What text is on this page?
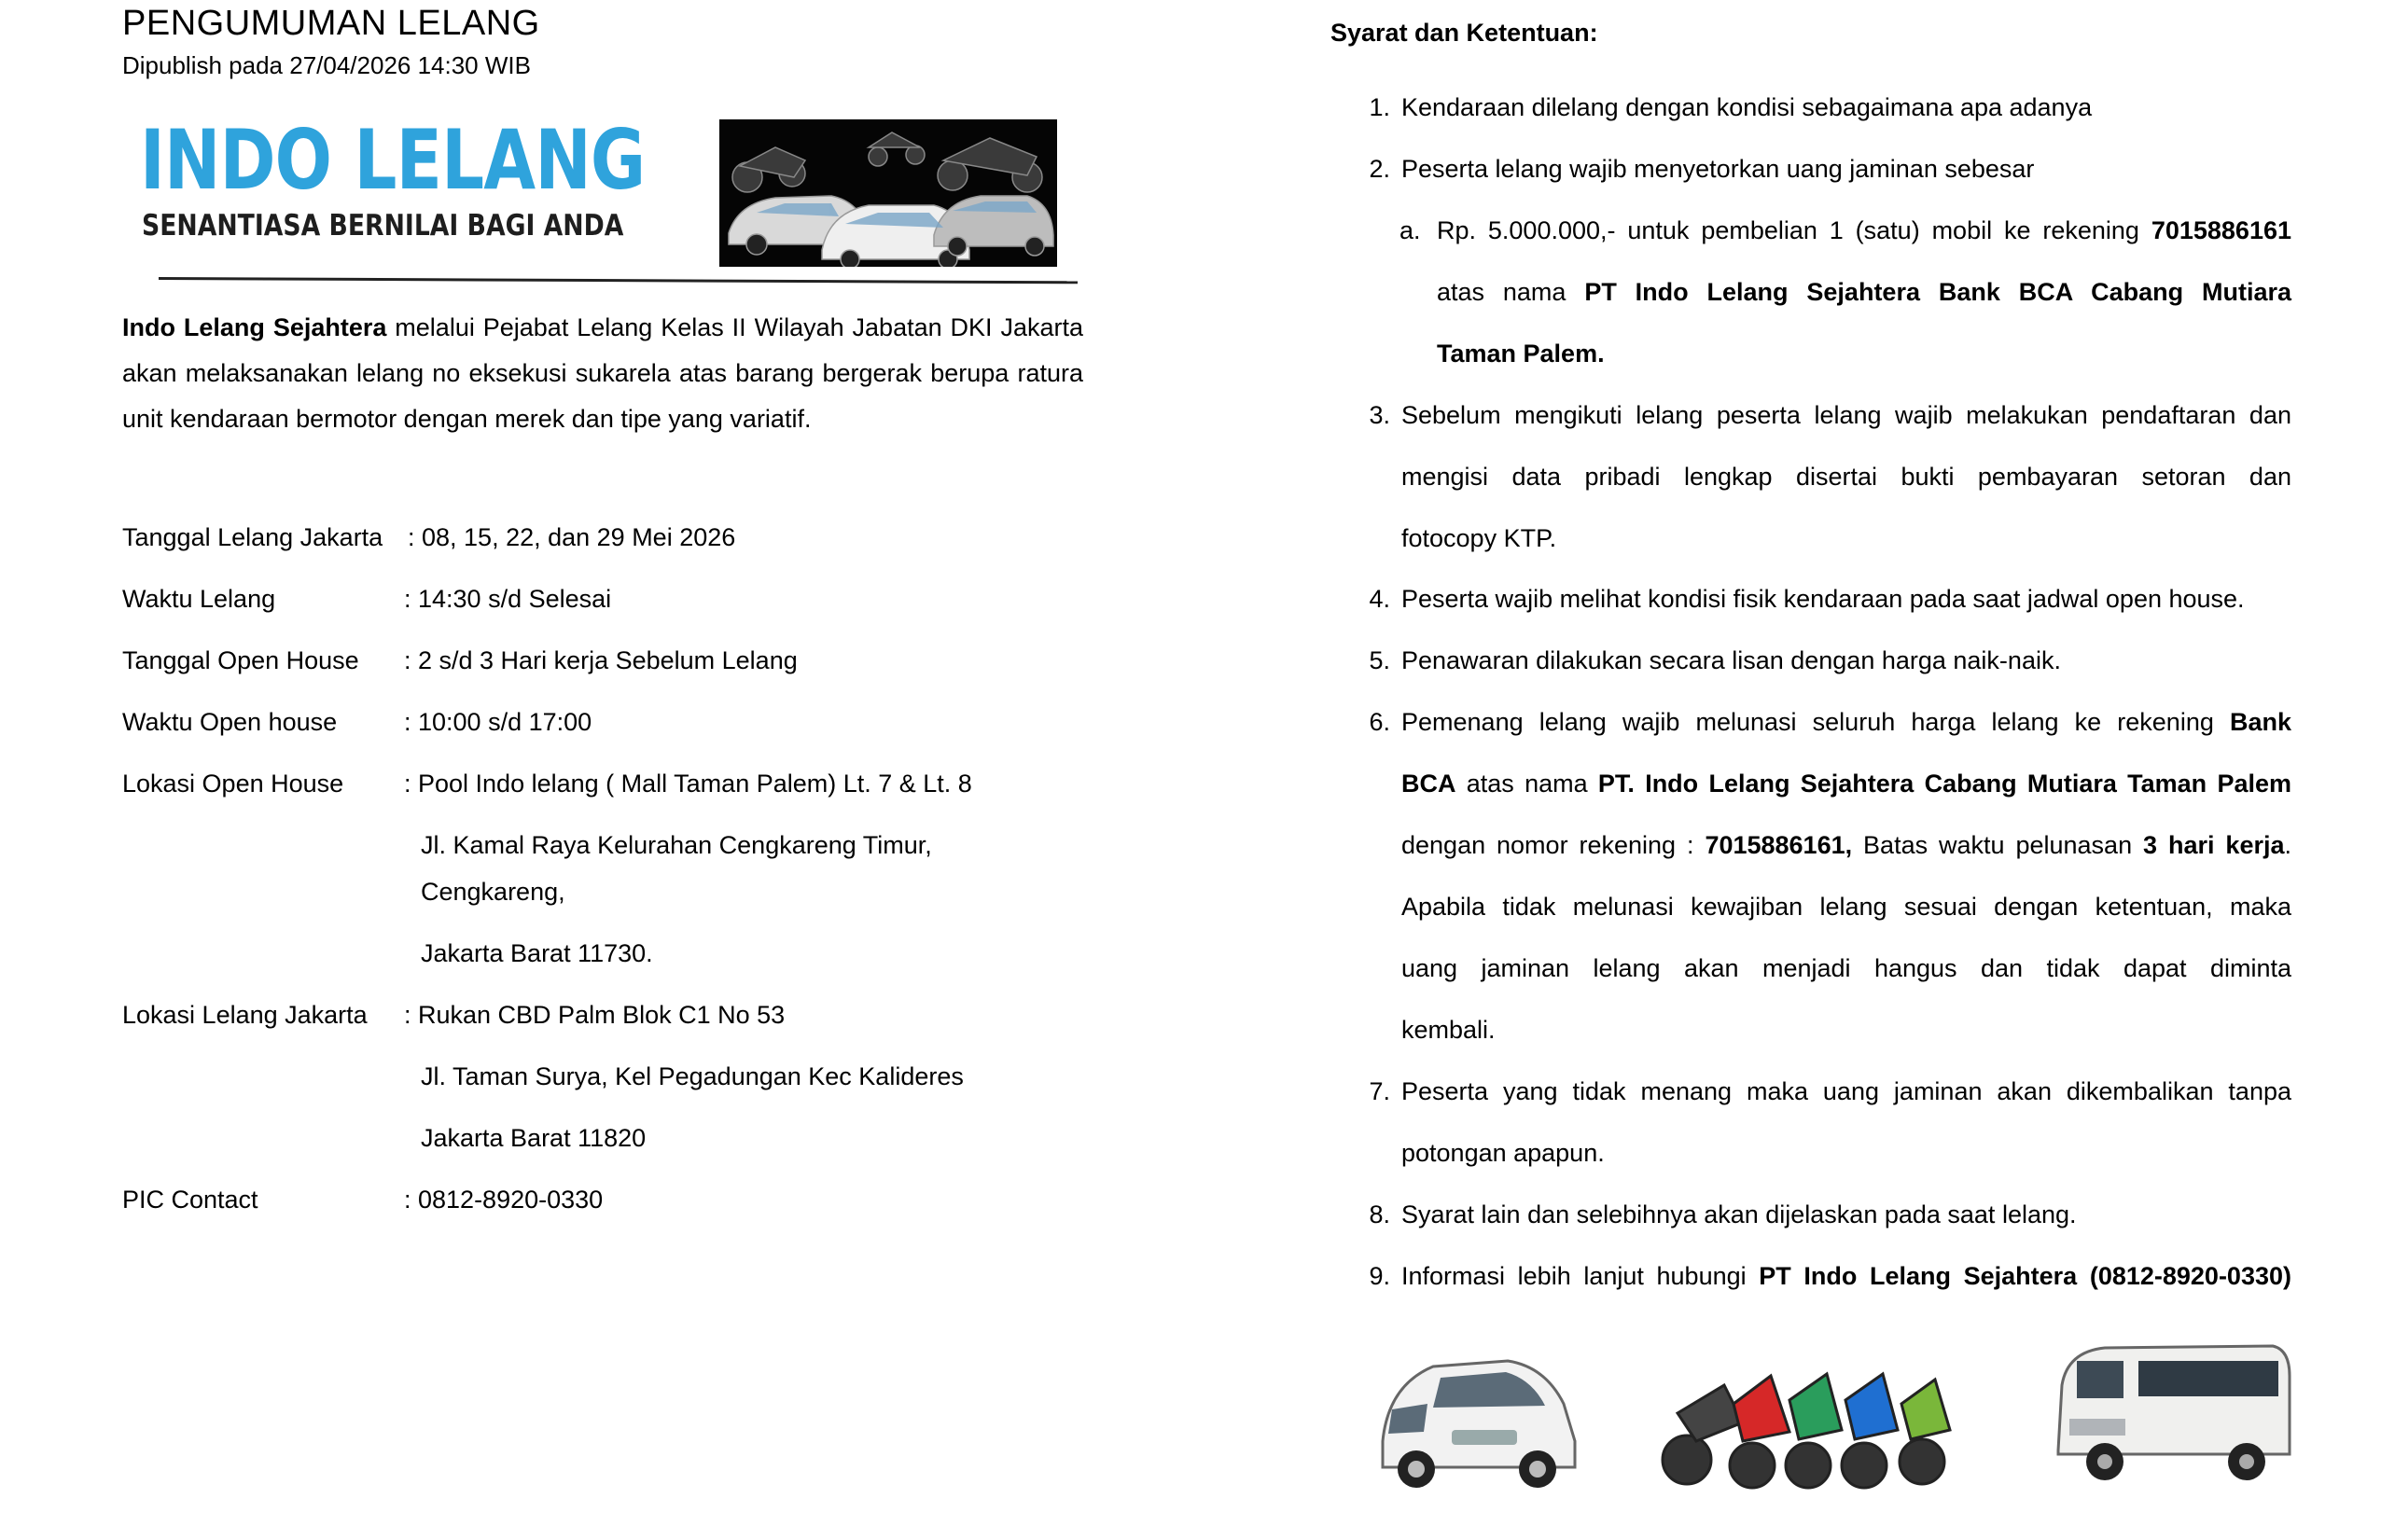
PENGUMUMAN LELANG
Dipublish pada 27/04/2026 14:30 WIB
INDO LELANG
SENANTIASA BERNILAI BAGI ANDA
Indo Lelang Sejahtera melalui Pejabat Lelang Kelas II Wilayah Jabatan DKI Jakarta akan melaksanakan lelang no eksekusi sukarela atas barang bergerak berupa ratura unit kendaraan bermotor dengan merek dan tipe yang variatif.
Tanggal Lelang Jakarta : 08, 15, 22, dan 29 Mei 2026
Waktu Lelang	: 14:30 s/d Selesai
Tanggal Open House : 2 s/d 3 Hari kerja Sebelum Lelang
Waktu Open house	: 10:00 s/d 17:00
Lokasi Open House : Pool Indo lelang ( Mall Taman Palem) Lt. 7 & Lt. 8
Jl. Kamal Raya Kelurahan Cengkareng Timur,
Cengkareng,
Jakarta Barat 11730.
Lokasi Lelang Jakarta : Rukan CBD Palm Blok C1 No 53
Jl. Taman Surya, Kel Pegadungan Kec Kalideres
Jakarta Barat 11820
PIC Contact	: 0812-8920-0330
Syarat dan Ketentuan:
1. Kendaraan dilelang dengan kondisi sebagaimana apa adanya
2. Peserta lelang wajib menyetorkan uang jaminan sebesar
a. Rp. 5.000.000,- untuk pembelian 1 (satu) mobil ke rekening 7015886161
atas nama PT Indo Lelang Sejahtera Bank BCA Cabang Mutiara
Taman Palem.
3. Sebelum mengikuti lelang peserta lelang wajib melakukan pendaftaran dan
mengisi data pribadi lengkap disertai bukti pembayaran setoran dan
fotocopy KTP.
4. Peserta wajib melihat kondisi fisik kendaraan pada saat jadwal open house.
5. Penawaran dilakukan secara lisan dengan harga naik-naik.
6. Pemenang lelang wajib melunasi seluruh harga lelang ke rekening Bank
BCA atas nama PT. Indo Lelang Sejahtera Cabang Mutiara Taman Palem
dengan nomor rekening : 7015886161, Batas waktu pelunasan 3 hari kerja.
Apabila tidak melunasi kewajiban lelang sesuai dengan ketentuan, maka
uang jaminan lelang akan menjadi hangus dan tidak dapat diminta
kembali.
7. Peserta yang tidak menang maka uang jaminan akan dikembalikan tanpa
potongan apapun.
8. Syarat lain dan selebihnya akan dijelaskan pada saat lelang.
9. Informasi lebih lanjut hubungi PT Indo Lelang Sejahtera (0812-8920-0330)
